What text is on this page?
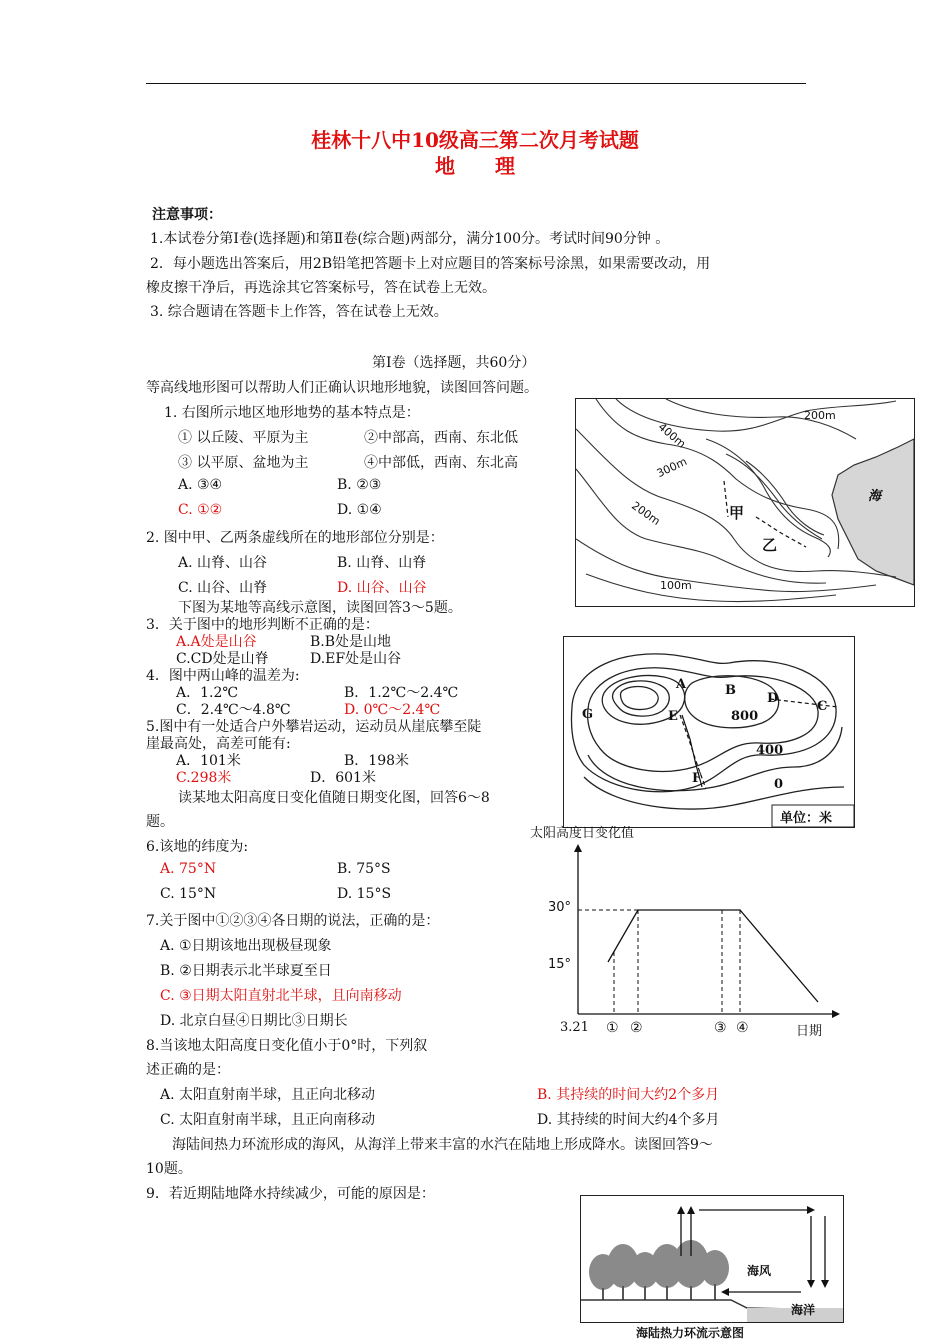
桂林十八中10级高三第二次月考试题
地　　理
注意事项：
1.本试卷分第Ⅰ卷(选择题)和第Ⅱ卷(综合题)两部分，满分100分。考试时间90分钟 。
2．每小题选出答案后，用2B铅笔把答题卡上对应题目的答案标号涂黑，如果需要改动，用
橡皮擦干净后，再选涂其它答案标号，答在试卷上无效。
3. 综合题请在答题卡上作答，答在试卷上无效。
第Ⅰ卷（选择题，共60分）
等高线地形图可以帮助人们正确认识地形地貌，读图回答问题。
1. 右图所示地区地形地势的基本特点是：
① 以丘陵、平原为主	②中部高，西南、东北低
③ 以平原、盆地为主	④中部低，西南、东北高
A. ③④	B. ②③
C. ①②	D. ①④
2. 图中甲、乙两条虚线所在的地形部位分别是：
A. 山脊、山谷	B. 山脊、山脊
C. 山谷、山脊	D. 山谷、山谷
下图为某地等高线示意图，读图回答3～5题。
3．关于图中的地形判断不正确的是：
A.A处是山谷	B.B处是山地
C.CD处是山脊	D.EF处是山谷
4．图中两山峰的温差为:
A．1.2℃	B．1.2℃～2.4℃
C．2.4℃～4.8℃	D. 0℃～2.4℃
5.图中有一处适合户外攀岩运动，运动员从崖底攀至陡
崖最高处，高差可能有:
A．101米	B．198米
C.298米	D．601米
读某地太阳高度日变化值随日期变化图，回答6～8
题。
6.该地的纬度为:
A. 75°N	B. 75°S
C. 15°N	D. 15°S
7.关于图中①②③④各日期的说法，正确的是：
A. ①日期该地出现极昼现象
B. ②日期表示北半球夏至日
C. ③日期太阳直射北半球，且向南移动
D. 北京白昼④日期比③日期长
8.当该地太阳高度日变化值小于0°时，下列叙
述正确的是：
A. 太阳直射南半球，且正向北移动	B. 其持续的时间大约2个多月
C. 太阳直射南半球，且正向南移动	D. 其持续的时间大约4个多月
海陆间热力环流形成的海风，从海洋上带来丰富的水汽在陆地上形成降水。读图回答9～
10题。
9．若近期陆地降水持续减少，可能的原因是：
200m
400m
300m
200m
100m
甲
乙
海
A	B
D
C
E
G
F
800
400
0
单位：米
太阳高度日变化值
30°
15°
3.21 ① ②	③ ④	日期
海风
海洋
海陆热力环流示意图
